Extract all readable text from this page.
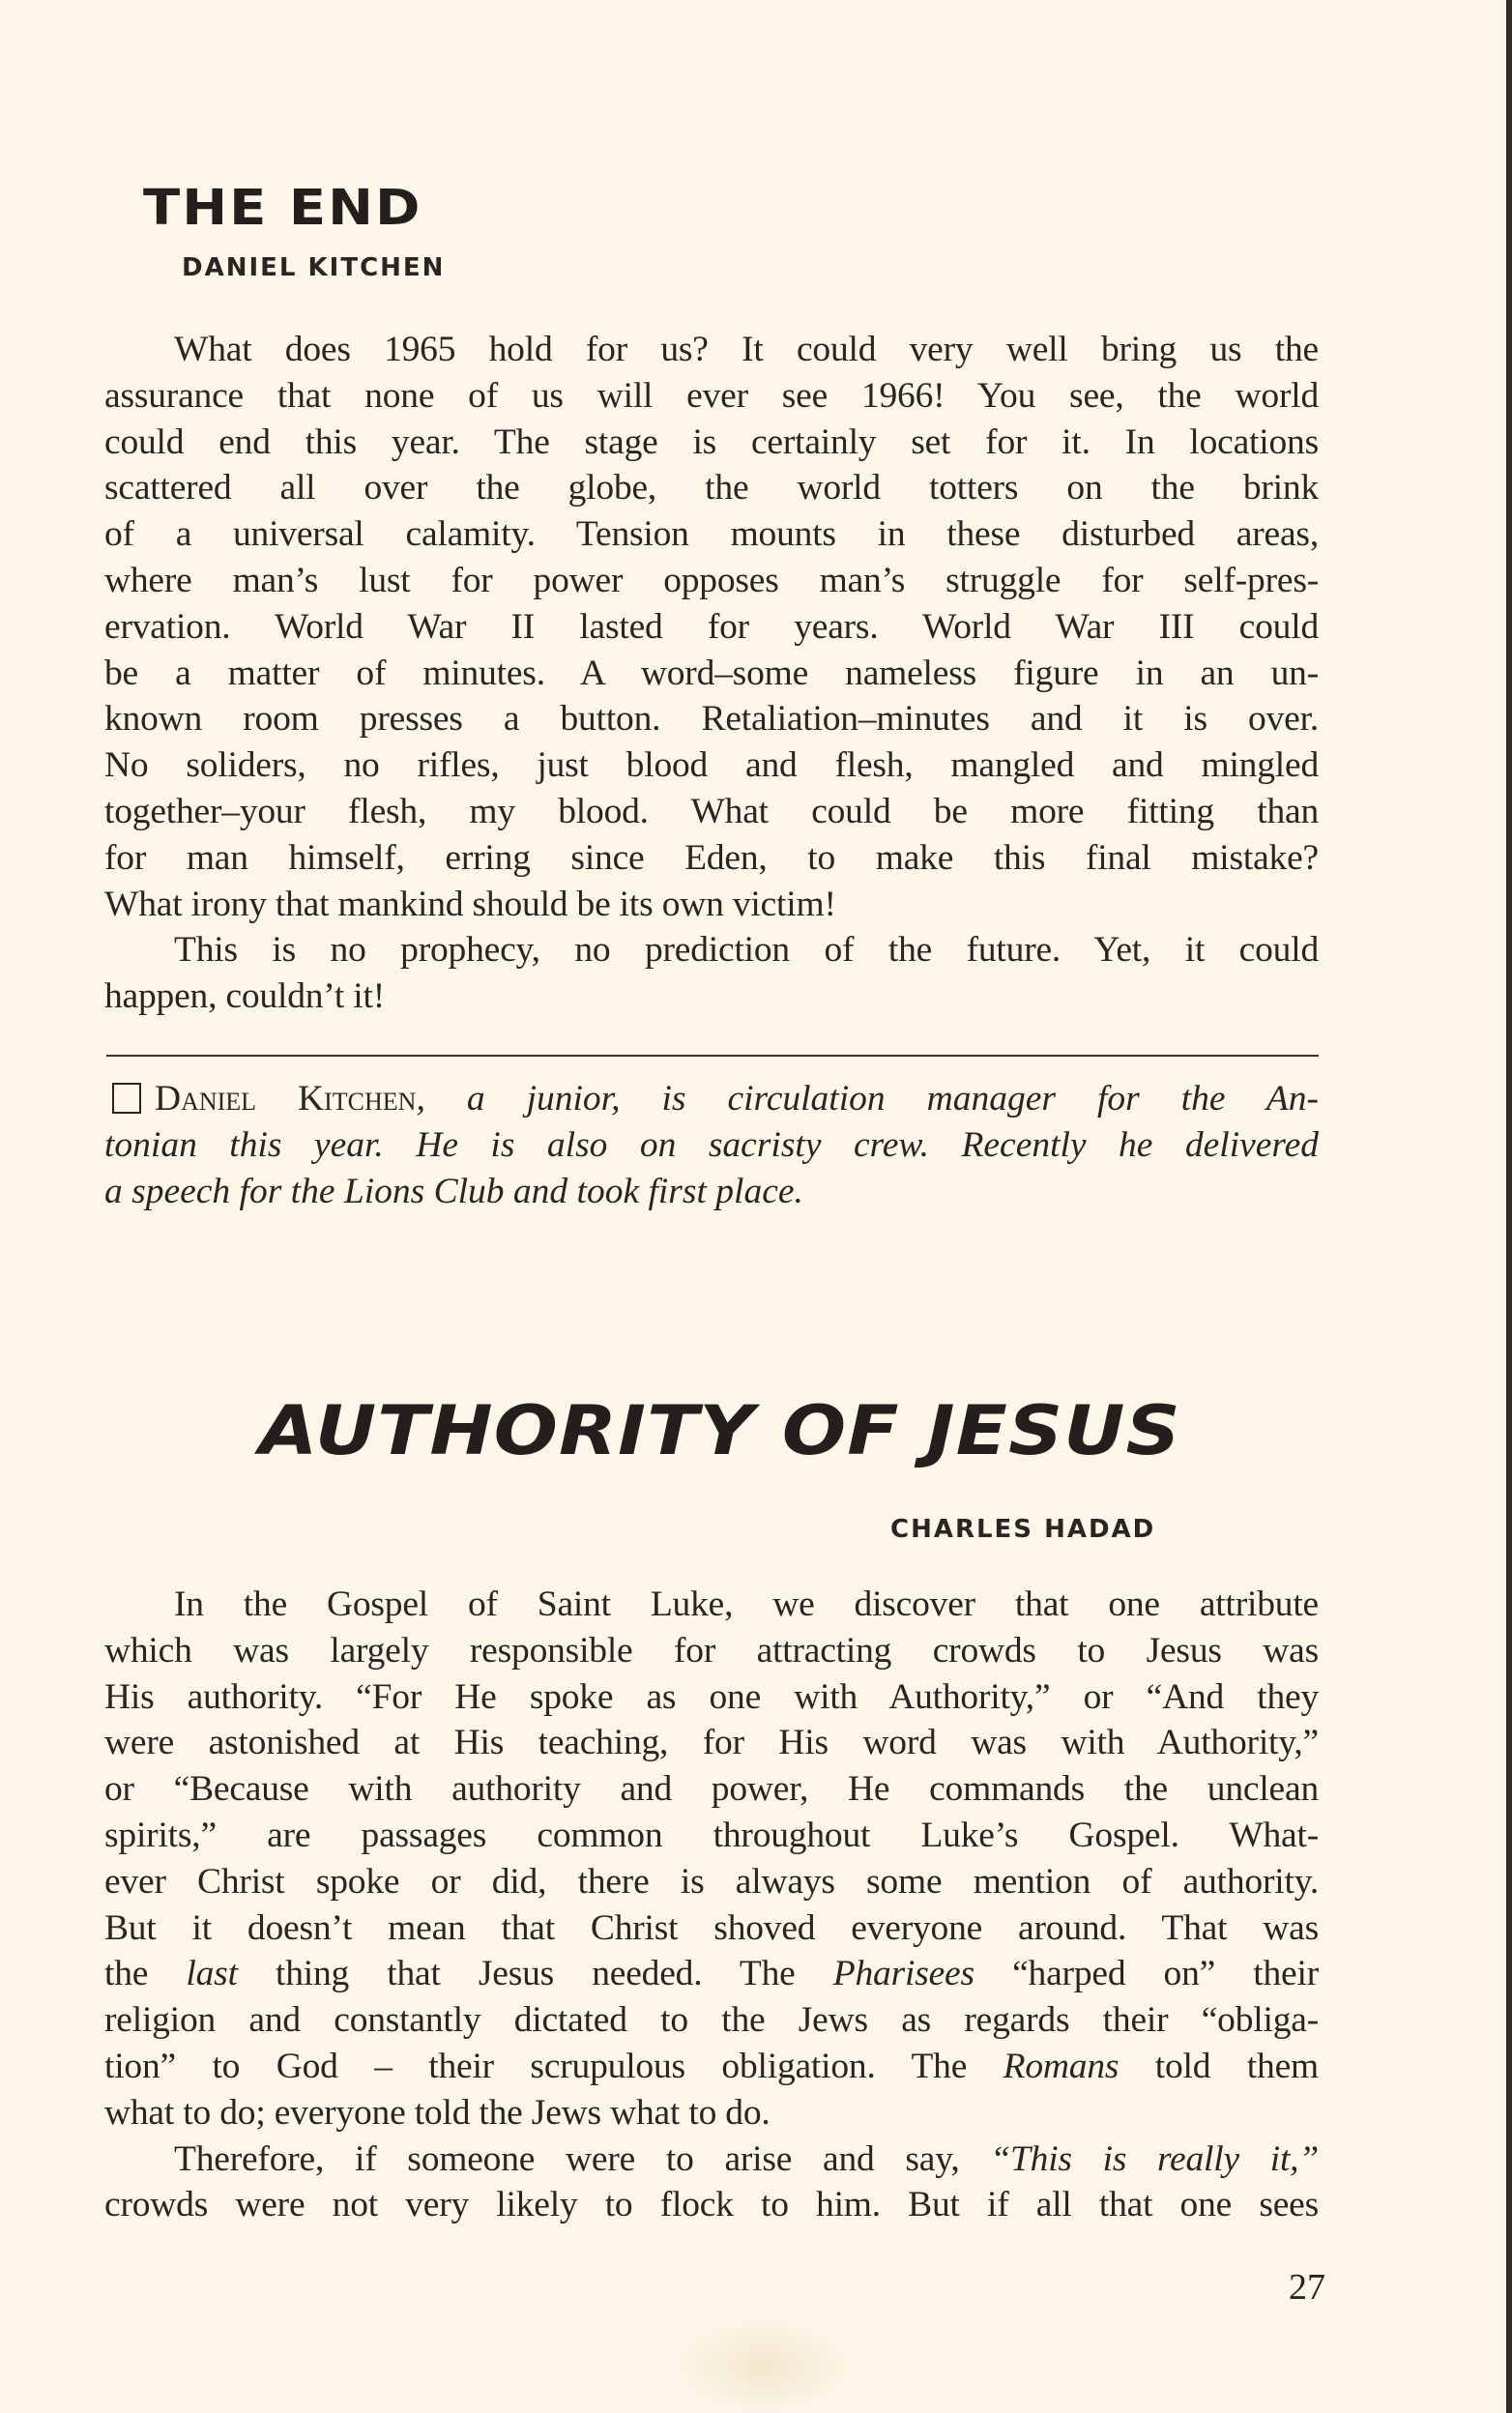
THE END
DANIEL KITCHEN
What does 1965 hold for us? It could very well bring us the
assurance that none of us will ever see 1966! You see, the world
could end this year. The stage is certainly set for it. In locations
scattered all over the globe, the world totters on the brink
of a universal calamity. Tension mounts in these disturbed areas,
where man’s lust for power opposes man’s struggle for self-pres-
ervation. World War II lasted for years. World War III could
be a matter of minutes. A word–some nameless figure in an un-
known room presses a button. Retaliation–minutes and it is over.
No soliders, no rifles, just blood and flesh, mangled and mingled
together–your flesh, my blood. What could be more fitting than
for man himself, erring since Eden, to make this final mistake?
What irony that mankind should be its own victim!
This is no prophecy, no prediction of the future. Yet, it could
happen, couldn’t it!
Daniel Kitchen, a junior, is circulation manager for the An-
tonian this year. He is also on sacristy crew. Recently he delivered
a speech for the Lions Club and took first place.
AUTHORITY OF JESUS
CHARLES HADAD
In the Gospel of Saint Luke, we discover that one attribute
which was largely responsible for attracting crowds to Jesus was
His authority. “For He spoke as one with Authority,” or “And they
were astonished at His teaching, for His word was with Authority,”
or “Because with authority and power, He commands the unclean
spirits,” are passages common throughout Luke’s Gospel. What-
ever Christ spoke or did, there is always some mention of authority.
But it doesn’t mean that Christ shoved everyone around. That was
the last thing that Jesus needed. The Pharisees “harped on” their
religion and constantly dictated to the Jews as regards their “obliga-
tion” to God – their scrupulous obligation. The Romans told them
what to do; everyone told the Jews what to do.
Therefore, if someone were to arise and say, “This is really it,”
crowds were not very likely to flock to him. But if all that one sees
27
